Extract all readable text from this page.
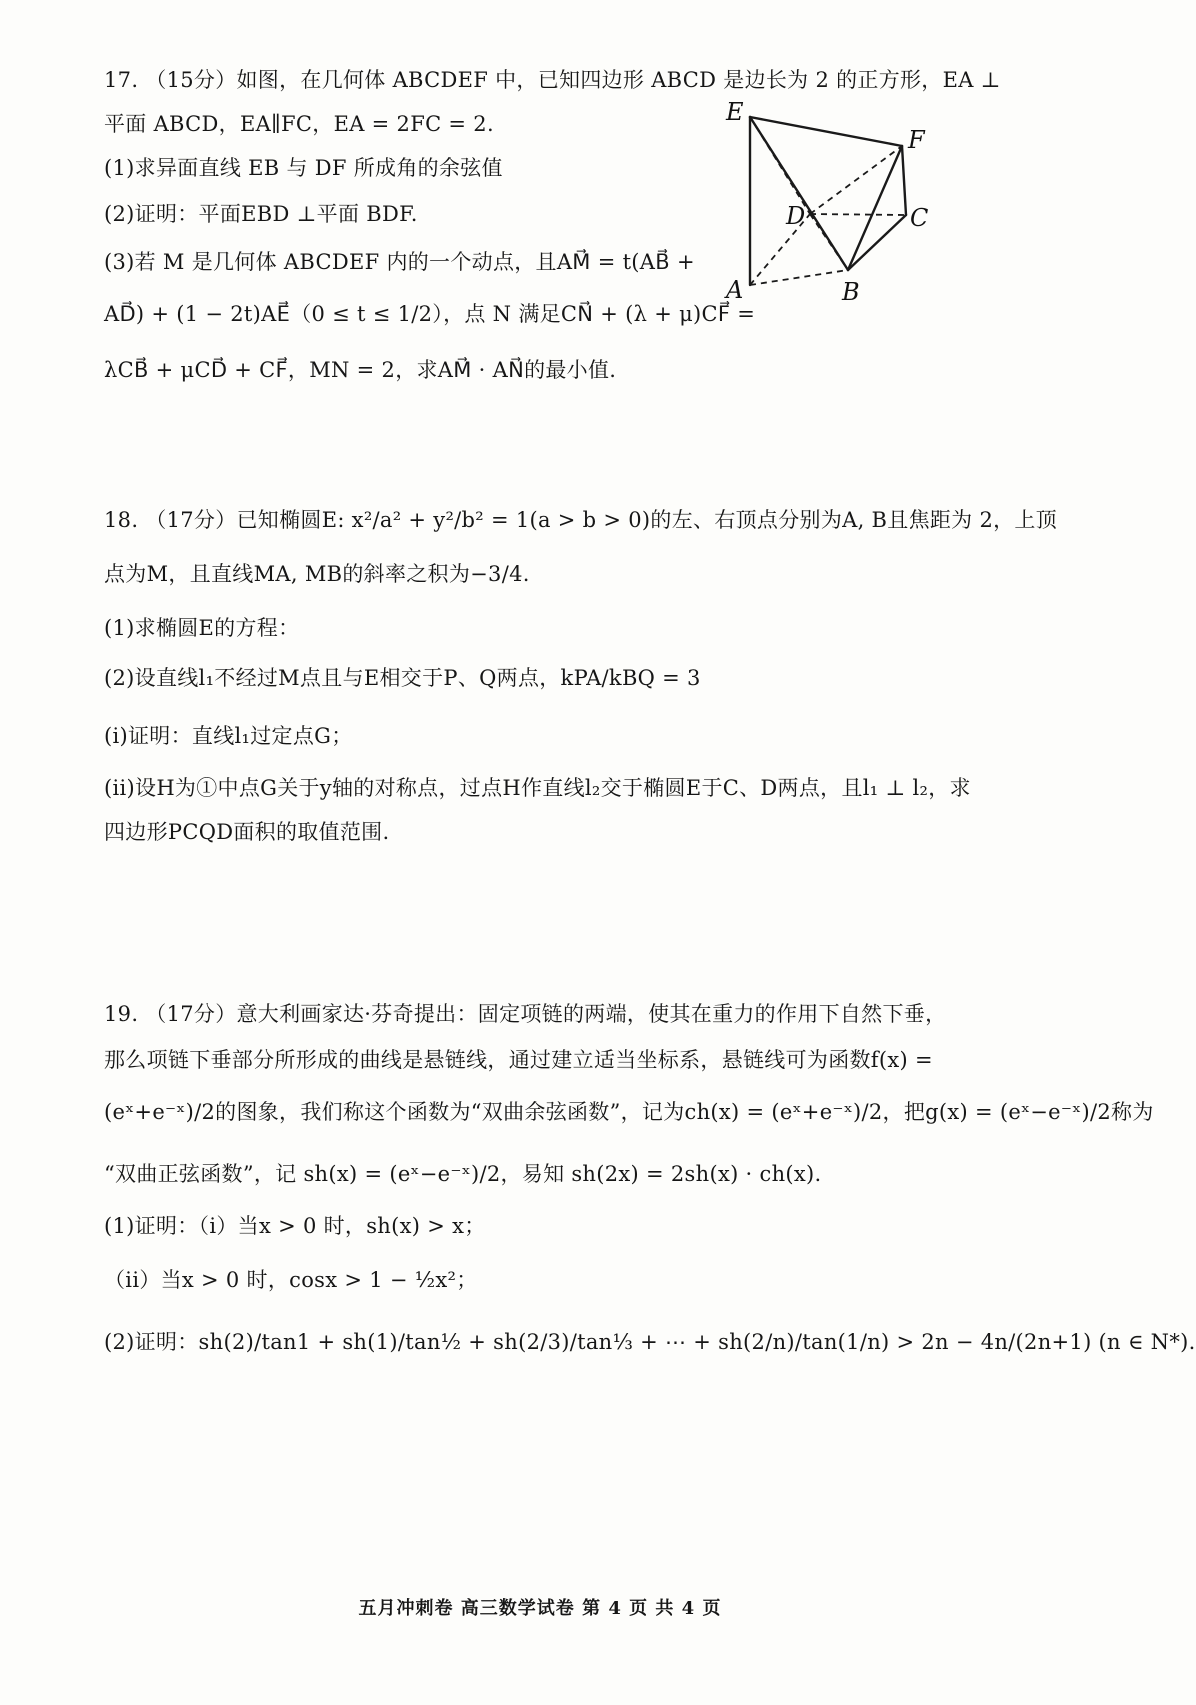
17. （15分）如图，在几何体 ABCDEF 中，已知四边形 ABCD 是边长为 2 的正方形，EA ⊥
平面 ABCD，EA∥FC，EA = 2FC = 2.
(1)求异面直线 EB 与 DF 所成角的余弦值
(2)证明：平面EBD ⊥平面 BDF.
(3)若 M 是几何体 ABCDEF 内的一个动点，且AM⃗ = t(AB⃗ +
AD⃗) + (1 − 2t)AE⃗（0 ≤ t ≤ 1/2），点 N 满足CN⃗ + (λ + μ)CF⃗ =
λCB⃗ + μCD⃗ + CF⃗，MN = 2，求AM⃗ · AN⃗的最小值.
E
F
D	C
A	B
18. （17分）已知椭圆E: x²/a² + y²/b² = 1(a > b > 0)的左、右顶点分别为A, B且焦距为 2，上顶
点为M，且直线MA, MB的斜率之积为−3/4.
(1)求椭圆E的方程：
(2)设直线l₁不经过M点且与E相交于P、Q两点，kPA/kBQ = 3
(i)证明：直线l₁过定点G；
(ii)设H为①中点G关于y轴的对称点，过点H作直线l₂交于椭圆E于C、D两点，且l₁ ⊥ l₂，求
四边形PCQD面积的取值范围.
19. （17分）意大利画家达·芬奇提出：固定项链的两端，使其在重力的作用下自然下垂，
那么项链下垂部分所形成的曲线是悬链线，通过建立适当坐标系，悬链线可为函数f(x) =
(eˣ+e⁻ˣ)/2的图象，我们称这个函数为“双曲余弦函数”，记为ch(x) = (eˣ+e⁻ˣ)/2，把g(x) = (eˣ−e⁻ˣ)/2称为
“双曲正弦函数”，记 sh(x) = (eˣ−e⁻ˣ)/2，易知 sh(2x) = 2sh(x) · ch(x).
(1)证明：（i）当x > 0 时，sh(x) > x；
（ii）当x > 0 时，cosx > 1 − ½x²；
(2)证明：sh(2)/tan1 + sh(1)/tan½ + sh(2/3)/tan⅓ + ⋯ + sh(2/n)/tan(1/n) > 2n − 4n/(2n+1) (n ∈ N*).
五月冲刺卷 高三数学试卷 第 4 页 共 4 页
